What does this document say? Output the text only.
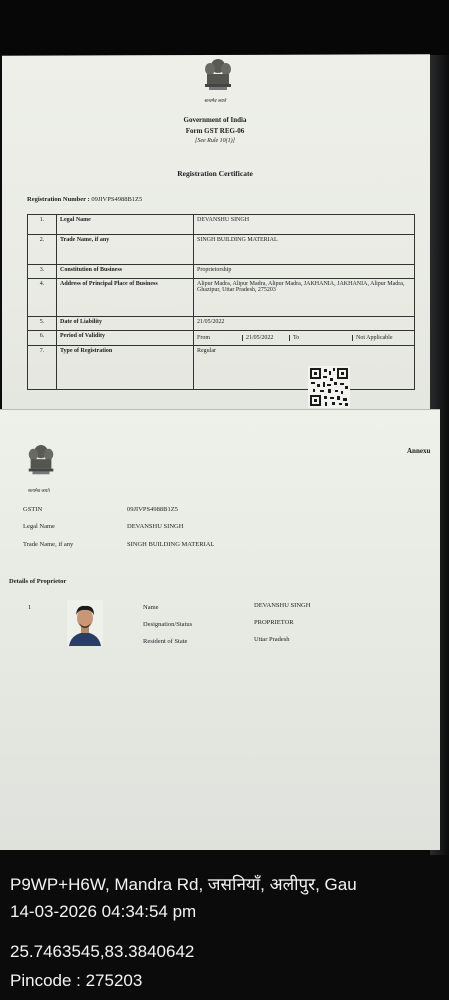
सत्यमेव जयते
Government of India
Form GST REG-06
[See Rule 10(1)]
Registration Certificate
Registration Number : 09JIVPS4988B1Z5
1.	Legal Name	DEVANSHU SINGH
2.	Trade Name, if any	SINGH BUILDING MATERIAL
3.	Constitution of Business	Proprietorship
4.	Address of Principal Place of Business	Alipur Madra, Alipur Madra, Alipur Madra, JAKHANIA, JAKHANIA, Alipur Madra, Ghazipur, Uttar Pradesh, 275203
5.	Date of Liability	21/05/2022
6.	Period of Validity	From 21/05/2022 To Not Applicable

7.	Type of Registration	Regular
Annexu
सत्यमेव जयते
GSTIN	09JIVPS4988B1Z5
Legal Name	DEVANSHU SINGH
Trade Name, if any	SINGH BUILDING MATERIAL
Details of Proprietor
1	Name	DEVANSHU SINGH
Designation/Status	PROPRIETOR
Resident of State	Uttar Pradesh
P9WP+H6W, Mandra Rd, जसनियाँ, अलीपुर, Gau
14-03-2026 04:34:54 pm
25.7463545,83.3840642
Pincode : 275203
